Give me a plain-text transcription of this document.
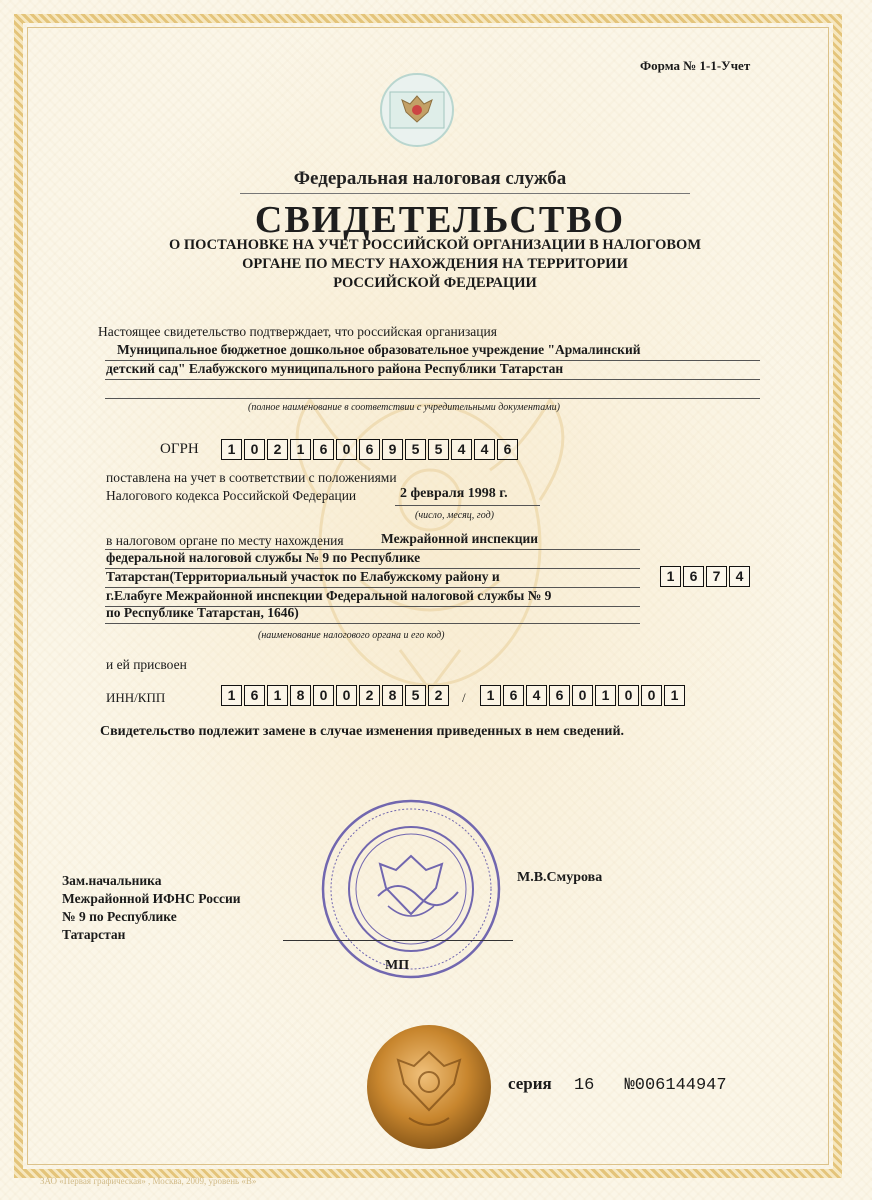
Форма № 1-1-Учет
Федеральная налоговая служба
СВИДЕТЕЛЬСТВО
О ПОСТАНОВКЕ НА УЧЕТ РОССИЙСКОЙ ОРГАНИЗАЦИИ В НАЛОГОВОМ
ОРГАНЕ ПО МЕСТУ НАХОЖДЕНИЯ НА ТЕРРИТОРИИ
РОССИЙСКОЙ ФЕДЕРАЦИИ
Настоящее свидетельство подтверждает, что российская организация
Муниципальное бюджетное дошкольное образовательное учреждение "Армалинский
детский сад" Елабужского муниципального района Республики Татарстан
(полное наименование в соответствии с учредительными документами)
ОГРН	1	0	2	1	6	0	6	9	5	5	4	4	6
поставлена на учет в соответствии с положениями
Налогового кодекса Российской Федерации	2 февраля 1998 г.
(число, месяц, год)
в налоговом органе по месту нахождения	Межрайонной инспекции
федеральной налоговой службы № 9 по Республике
Татарстан(Территориальный участок по Елабужскому району и
г.Елабуге Межрайонной инспекции Федеральной налоговой службы № 9
по Республике Татарстан, 1646)
(наименование налогового органа и его код)
1	6	7	4
и ей присвоен
ИНН/КПП	1	6	1	8	0	0	2	8	5	2	/	1	6	4	6	0	1	0	0	1
Свидетельство подлежит замене в случае изменения приведенных в нем сведений.
Зам.начальника
Межрайонной ИФНС России
№ 9 по Республике
Татарстан
М.В.Смурова
МП
серия 16 №006144947
ЗАО «Первая графическая» , Москва, 2009, уровень «В»
